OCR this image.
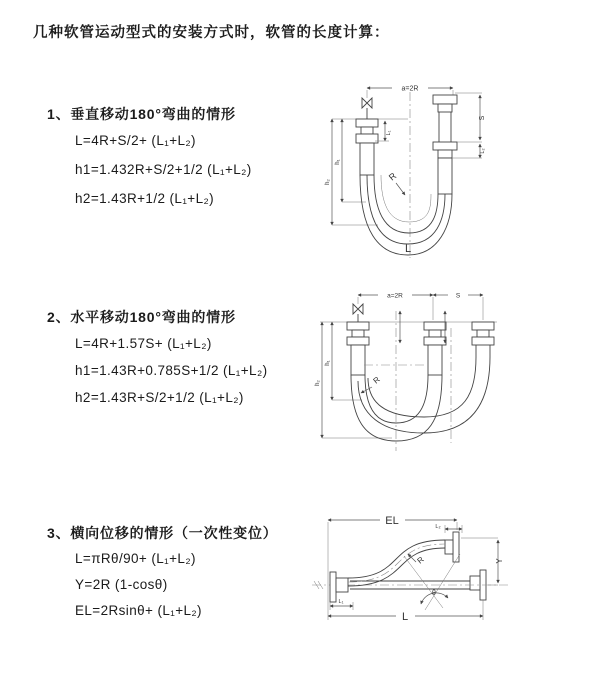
几种软管运动型式的安装方式时，软管的长度计算：
1、垂直移动180°弯曲的情形
L=4R+S/2+ (L₁+L₂)
h1=1.432R+S/2+1/2 (L₁+L₂)
h2=1.43R+1/2 (L₁+L₂)
2、水平移动180°弯曲的情形
L=4R+1.57S+ (L₁+L₂)
h1=1.43R+0.785S+1/2 (L₁+L₂)
h2=1.43R+S/2+1/2 (L₁+L₂)
3、横向位移的情形（一次性变位）
L=πRθ/90+ (L₁+L₂)
Y=2R (1-cosθ)
EL=2Rsinθ+ (L₁+L₂)
a=2R
L₁
h₁
h₂
S
L₂
R
L
a=2R	S
h₁
h₂	R
EL	L₂
Y
θ
R
L₁
L
